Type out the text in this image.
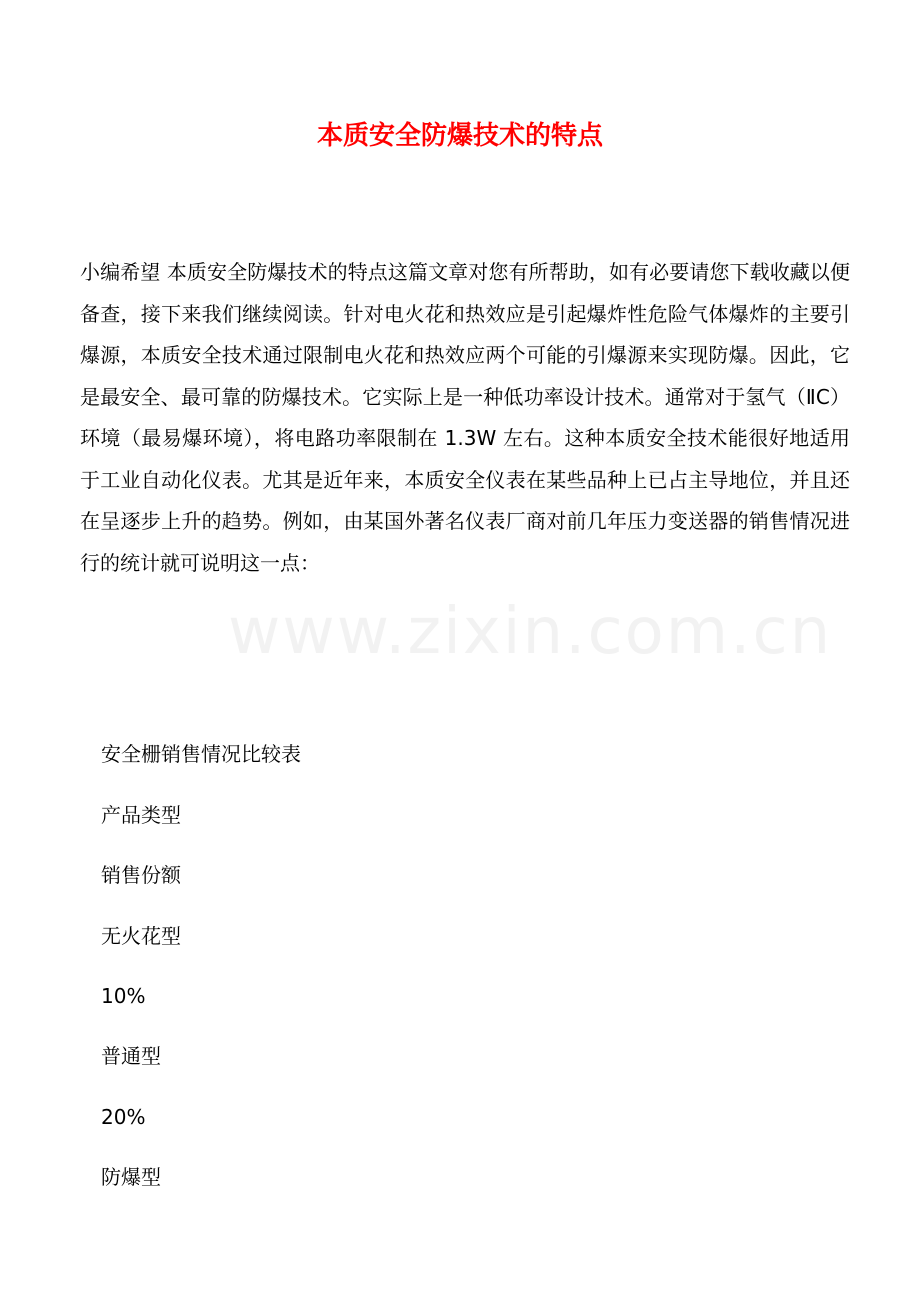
www.zixin.com.cn
本质安全防爆技术的特点

小编希望 本质安全防爆技术的特点这篇文章对您有所帮助，如有必要请您下载收藏以便备查，接下来我们继续阅读。针对电火花和热效应是引起爆炸性危险气体爆炸的主要引爆源，本质安全技术通过限制电火花和热效应两个可能的引爆源来实现防爆。因此，它是最安全、最可靠的防爆技术。它实际上是一种低功率设计技术。通常对于氢气（ⅡC）环境（最易爆环境），将电路功率限制在 1.3W 左右。这种本质安全技术能很好地适用于工业自动化仪表。尤其是近年来，本质安全仪表在某些品种上已占主导地位，并且还在呈逐步上升的趋势。例如，由某国外著名仪表厂商对前几年压力变送器的销售情况进行的统计就可说明这一点：

安全栅销售情况比较表
产品类型
销售份额
无火花型
10%
普通型
20%
防爆型
